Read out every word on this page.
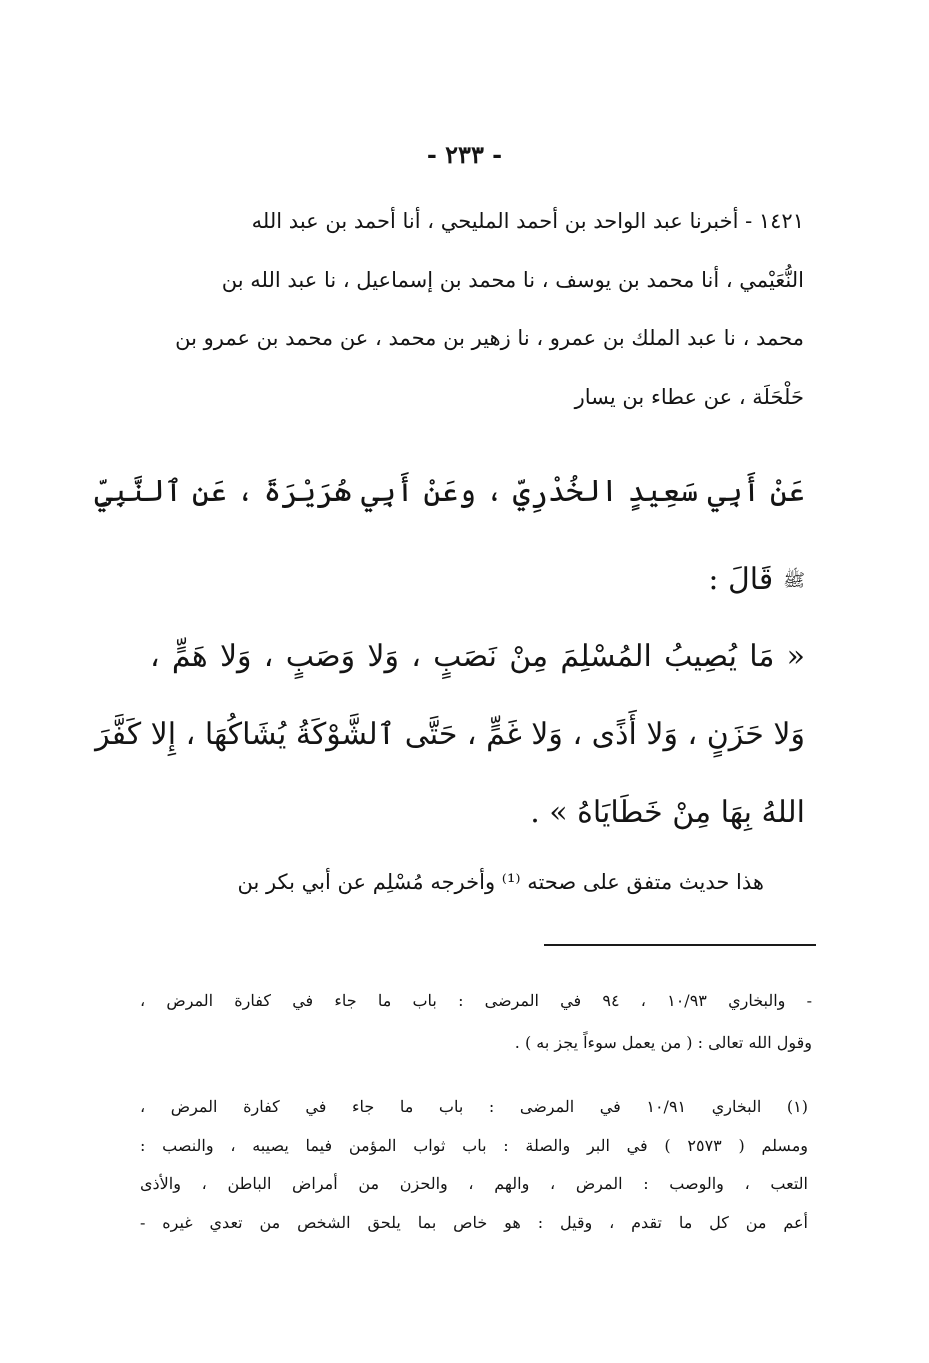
- ٢٣٣ -
١٤٢١ - أخبرنا عبد الواحد بن أحمد المليحي ، أنا أحمد بن عبد الله
النُّعَيْمي ، أنا محمد بن يوسف ، نا محمد بن إسماعيل ، نا عبد الله بن
محمد ، نا عبد الملك بن عمرو ، نا زهير بن محمد ، عن محمد بن عمرو بن
حَلْحَلَة ، عن عطاء بن يسار
عَنْ أَبِي سَعِيدٍ الخُدْرِيِّ ، وعَنْ أَبِي هُرَيْرَةَ ، عَنِ ٱلنَّبِيِّ
ﷺقَالَ :
« مَا يُصِيبُ المُسْلِمَ مِنْ نَصَبٍ ، وَلا وَصَبٍ ، وَلا هَمٍّ ،
وَلا حَزَنٍ ، وَلا أَذًى ، وَلا غَمٍّ ، حَتَّى ٱلشَّوْكَةُ يُشَاكُهَا ، إِلا كَفَّرَ
اللهُ بِهَا مِنْ خَطَايَاهُ » .
هذا حديث متفق على صحته ⁽¹⁾ وأخرجه مُسْلِم عن أبي بكر بن
- والبخاري ١٠/٩٣ ، ٩٤ في المرضى : باب ما جاء في كفارة المرض ،
وقول الله تعالى : ( من يعمل سوءاً يجز به ) .
(١) البخاري ١٠/٩١ في المرضى : باب ما جاء في كفارة المرض ،
ومسلم ( ٢٥٧٣ ) في البر والصلة : باب ثواب المؤمن فيما يصيبه ، والنصب :
التعب ، والوصب : المرض ، والهم ، والحزن من أمراض الباطن ، والأذى
أعم من كل ما تقدم ، وقيل : هو خاص بما يلحق الشخص من تعدي غيره -
